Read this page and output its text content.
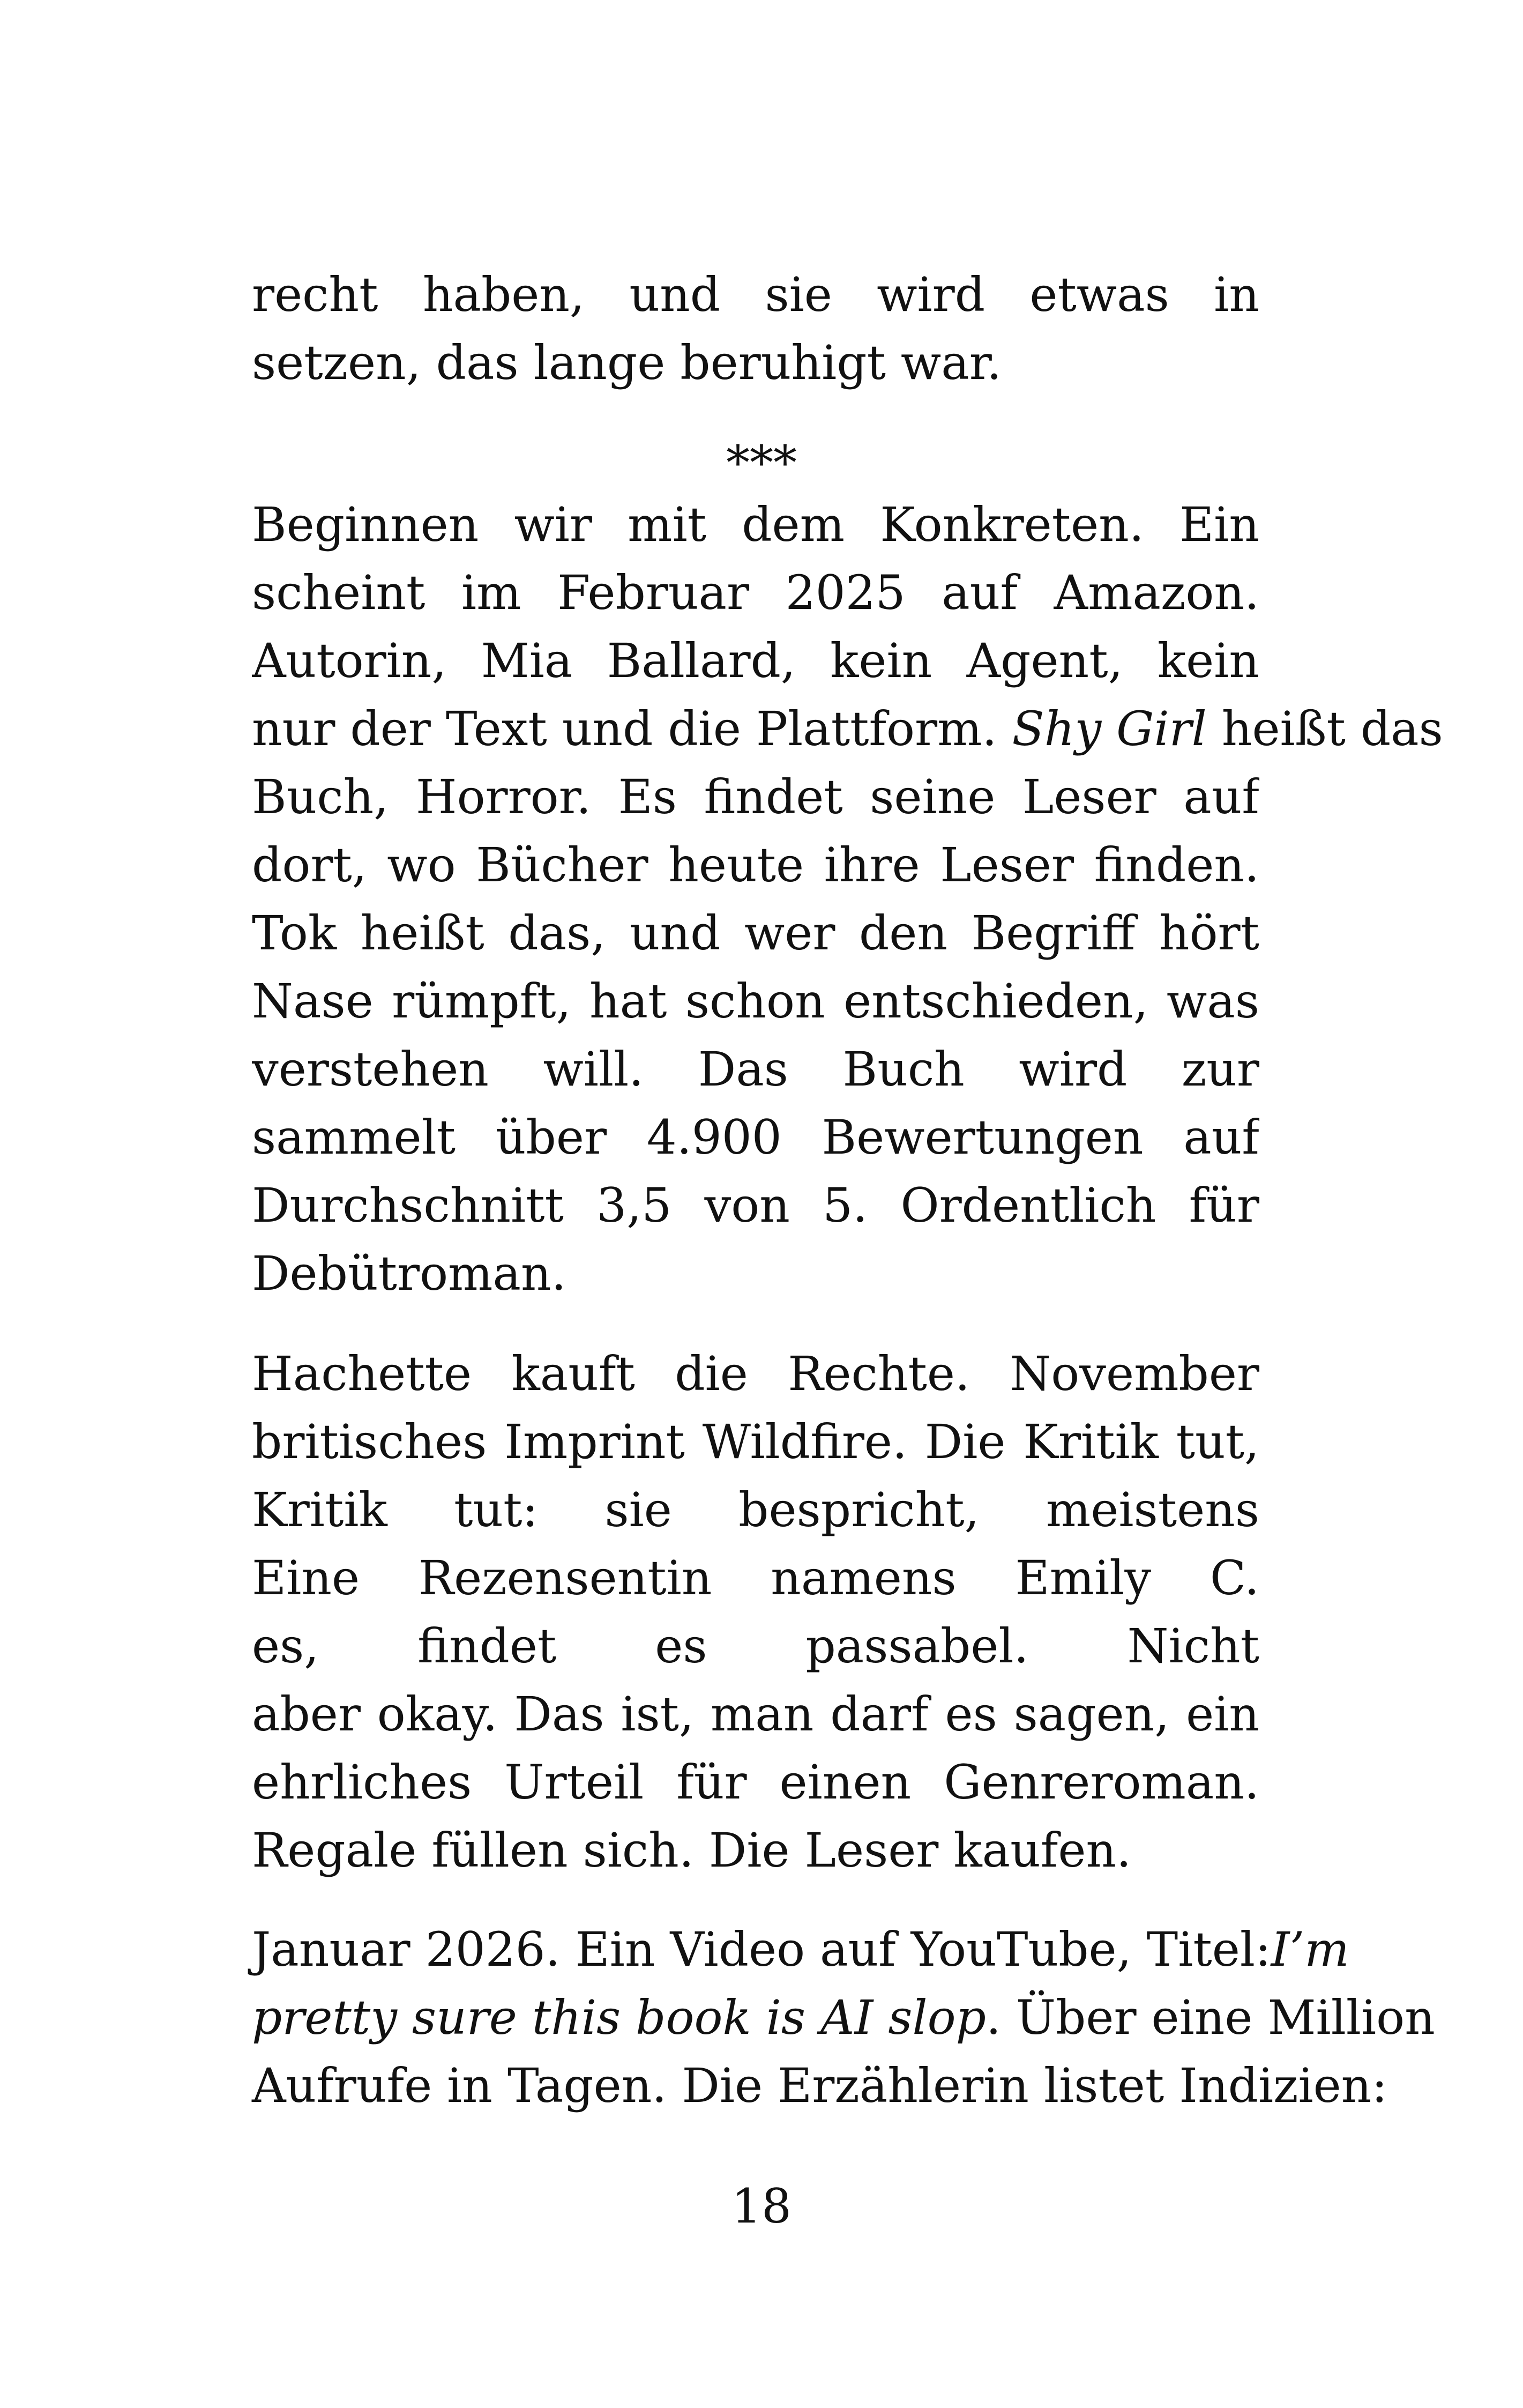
recht haben, und sie wird etwas in
setzen, das lange beruhigt war.
***
Beginnen wir mit dem Konkreten. Ein
scheint im Februar 2025 auf Amazon.
Autorin, Mia Ballard, kein Agent, kein
nur der Text und die Plattform. Shy Girl heißt das
Buch, Horror. Es findet seine Leser auf
dort, wo Bücher heute ihre Leser finden.
Tok heißt das, und wer den Begriff hört
Nase rümpft, hat schon entschieden, was
verstehen will. Das Buch wird zur
sammelt über 4.900 Bewertungen auf
Durchschnitt 3,5 von 5. Ordentlich für
Debütroman.
Hachette kauft die Rechte. November
britisches Imprint Wildfire. Die Kritik tut,
Kritik tut: sie bespricht, meistens
Eine Rezensentin namens Emily C.
es, findet es passabel. Nicht
aber okay. Das ist, man darf es sagen, ein
ehrliches Urteil für einen Genreroman.
Regale füllen sich. Die Leser kaufen.
Januar 2026. Ein Video auf YouTube, Titel: I’m
pretty sure this book is AI slop . Über eine Million
Aufrufe in Tagen. Die Erzählerin listet Indizien:
18
